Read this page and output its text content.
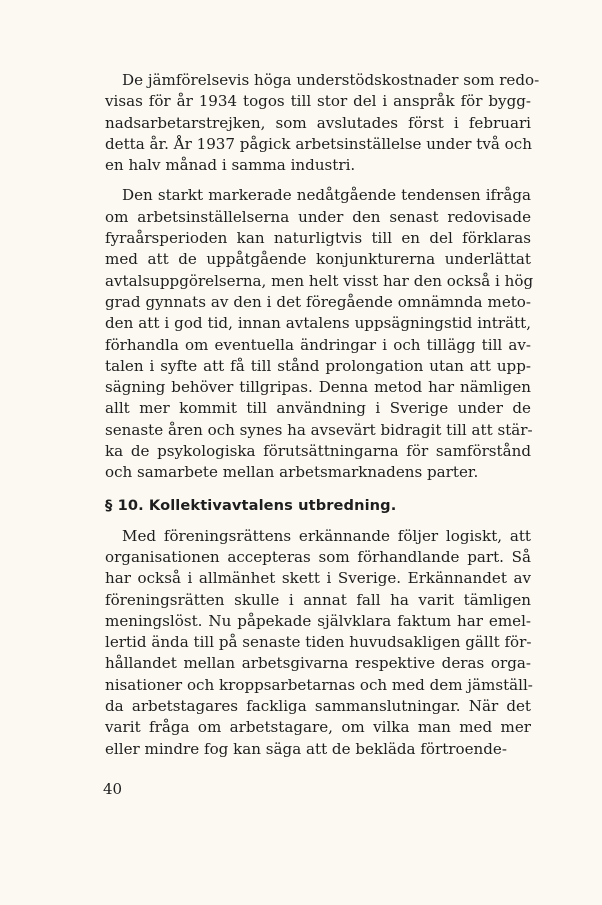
De jämförelsevis höga understödskostnader som redo-
visas för år 1934 togos till stor del i anspråk för bygg-
nadsarbetarstrejken, som avslutades först i februari
detta år. År 1937 pågick arbetsinställelse under två och
en halv månad i samma industri.

Den starkt markerade nedåtgående tendensen ifråga
om arbetsinställelserna under den senast redovisade
fyraårsperioden kan naturligtvis till en del förklaras
med att de uppåtgående konjunkturerna underlättat
avtalsuppgörelserna, men helt visst har den också i hög
grad gynnats av den i det föregående omnämnda meto-
den att i god tid, innan avtalens uppsägningstid inträtt,
förhandla om eventuella ändringar i och tillägg till av-
talen i syfte att få till stånd prolongation utan att upp-
sägning behöver tillgripas. Denna metod har nämligen
allt mer kommit till användning i Sverige under de
senaste åren och synes ha avsevärt bidragit till att stär-
ka de psykologiska förutsättningarna för samförstånd
och samarbete mellan arbetsmarknadens parter.

§ 10. Kollektivavtalens utbredning.

Med föreningsrättens erkännande följer logiskt, att
organisationen accepteras som förhandlande part. Så
har också i allmänhet skett i Sverige. Erkännandet av
föreningsrätten skulle i annat fall ha varit tämligen
meningslöst. Nu påpekade självklara faktum har emel-
lertid ända till på senaste tiden huvudsakligen gällt för-
hållandet mellan arbetsgivarna respektive deras orga-
nisationer och kroppsarbetarnas och med dem jämställ-
da arbetstagares fackliga sammanslutningar. När det
varit fråga om arbetstagare, om vilka man med mer
eller mindre fog kan säga att de bekläda förtroende-

40
